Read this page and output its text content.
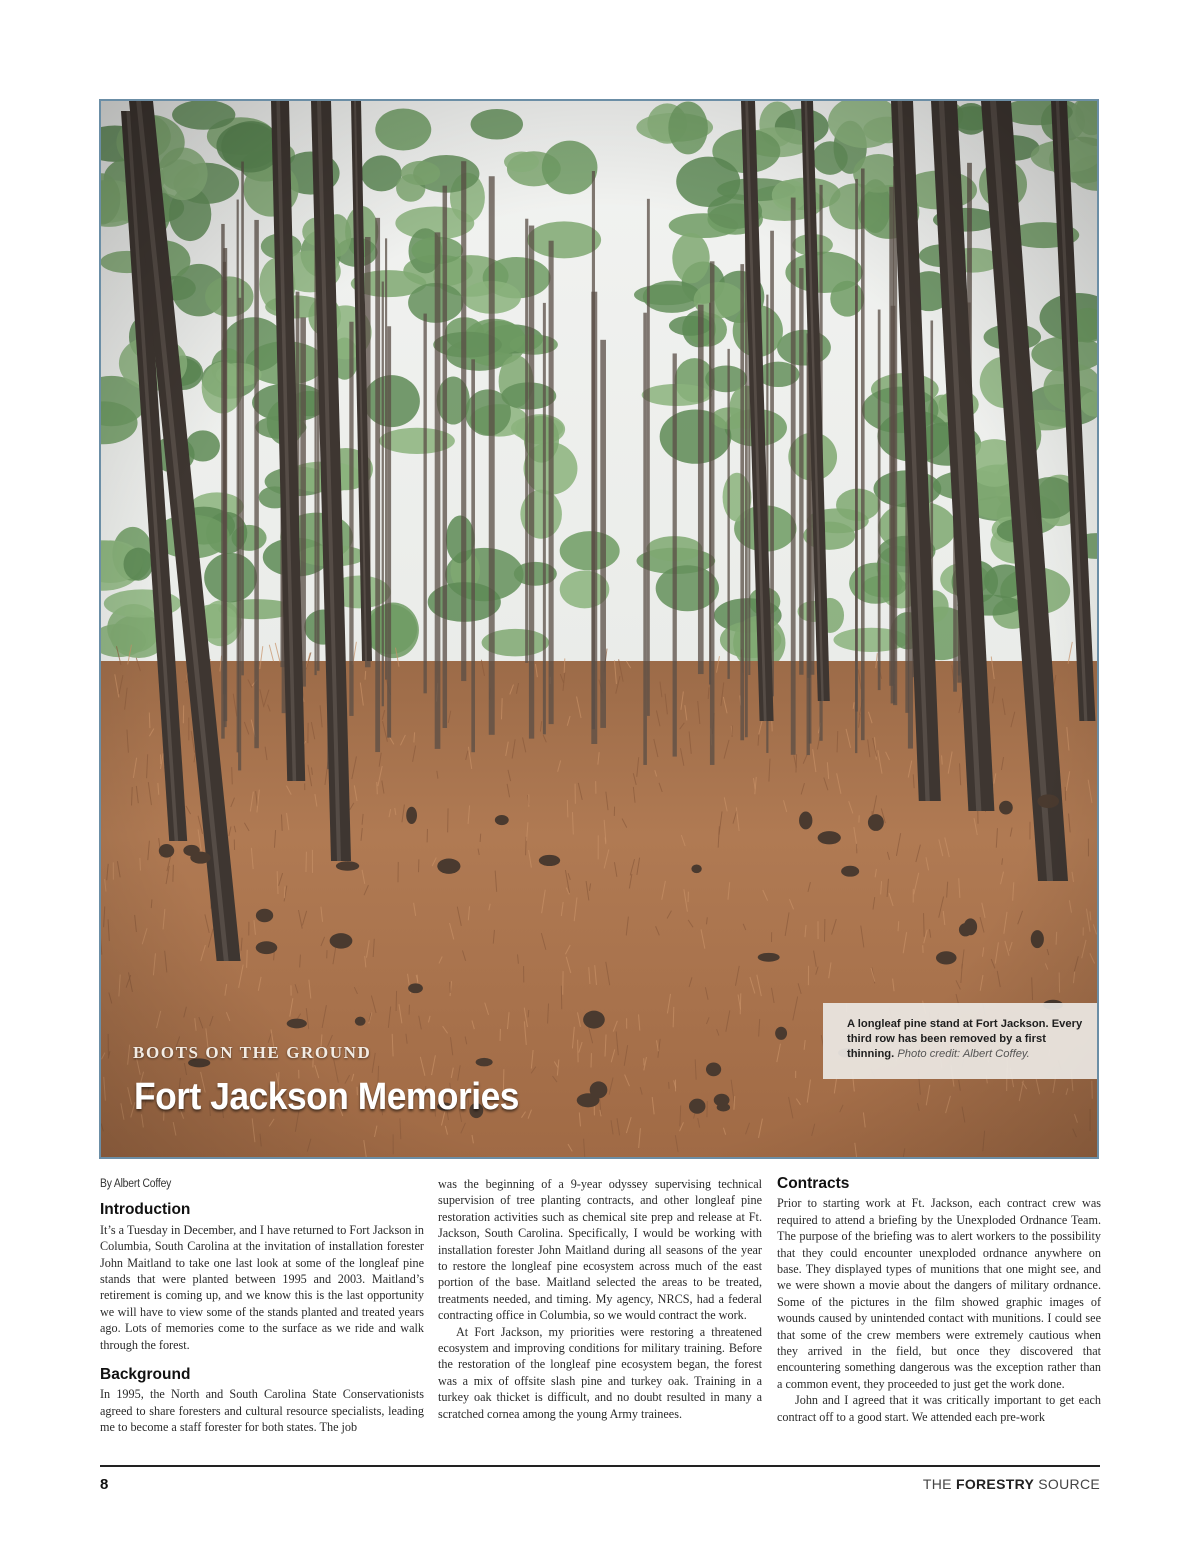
BOOTS ON THE GROUND
Fort Jackson Memories
A longleaf pine stand at Fort Jackson. Every third row has been removed by a first thinning. Photo credit: Albert Coffey.
By Albert Coffey
Introduction

It’s a Tuesday in December, and I have returned to Fort Jackson in Columbia, South Carolina at the invitation of installation forester John Maitland to take one last look at some of the longleaf pine stands that were planted between 1995 and 2003. Maitland’s retirement is coming up, and we know this is the last opportunity we will have to view some of the stands planted and treated years ago. Lots of memories come to the surface as we ride and walk through the forest.

Background

In 1995, the North and South Carolina State Conservationists agreed to share foresters and cultural resource specialists, leading me to become a staff forester for both states. The job

was the beginning of a 9-year odyssey supervising technical supervision of tree planting contracts, and other longleaf pine restoration activities such as chemical site prep and release at Ft. Jackson, South Carolina. Specifically, I would be working with installation forester John Maitland during all seasons of the year to restore the longleaf pine ecosystem across much of the east portion of the base. Maitland selected the areas to be treated, treatments needed, and timing. My agency, NRCS, had a federal contracting office in Columbia, so we would contract the work.

At Fort Jackson, my priorities were restoring a threatened ecosystem and improving conditions for military training. Before the restoration of the longleaf pine ecosystem began, the forest was a mix of offsite slash pine and turkey oak. Training in a turkey oak thicket is difficult, and no doubt resulted in many a scratched cornea among the young Army trainees.

Contracts

Prior to starting work at Ft. Jackson, each contract crew was required to attend a briefing by the Unexploded Ordnance Team. The purpose of the briefing was to alert workers to the possibility that they could encounter unexploded ordnance anywhere on base. They displayed types of munitions that one might see, and we were shown a movie about the dangers of military ordnance. Some of the pictures in the film showed graphic images of wounds caused by unintended contact with munitions. I could see that some of the crew members were extremely cautious when they arrived in the field, but once they discovered that encountering something dangerous was the exception rather than a common event, they proceeded to just get the work done.

John and I agreed that it was critically important to get each contract off to a good start. We attended each pre-work

8	THE FORESTRY SOURCE
